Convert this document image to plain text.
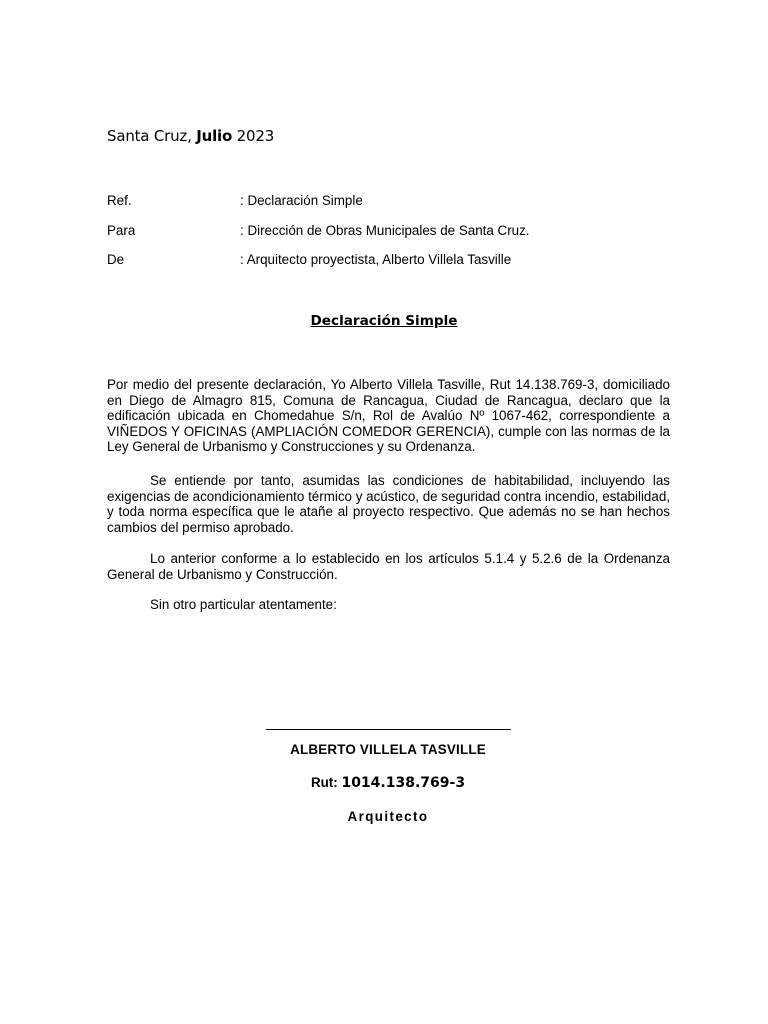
Santa Cruz, Julio 2023
Ref.	: Declaración Simple
Para	: Dirección de Obras Municipales de Santa Cruz.
De	: Arquitecto proyectista, Alberto Villela Tasville
Declaración Simple

Por medio del presente declaración, Yo Alberto Villela Tasville, Rut 14.138.769-3, domiciliado en Diego de Almagro 815, Comuna de Rancagua, Ciudad de Rancagua, declaro que la edificación ubicada en Chomedahue S/n, Rol de Avalúo Nº 1067-462, correspondiente a VIÑEDOS Y OFICINAS (AMPLIACIÓN COMEDOR GERENCIA), cumple con las normas de la Ley General de Urbanismo y Construcciones y su Ordenanza.

Se entiende por tanto, asumidas las condiciones de habitabilidad, incluyendo las exigencias de acondicionamiento térmico y acústico, de seguridad contra incendio, estabilidad, y toda norma específica que le atañe al proyecto respectivo. Que además no se han hechos cambios del permiso aprobado.

Lo anterior conforme a lo establecido en los artículos 5.1.4 y 5.2.6 de la Ordenanza General de Urbanismo y Construcción.

Sin otro particular atentamente:

ALBERTO VILLELA TASVILLE
Rut: 1014.138.769-3
Arquitecto
